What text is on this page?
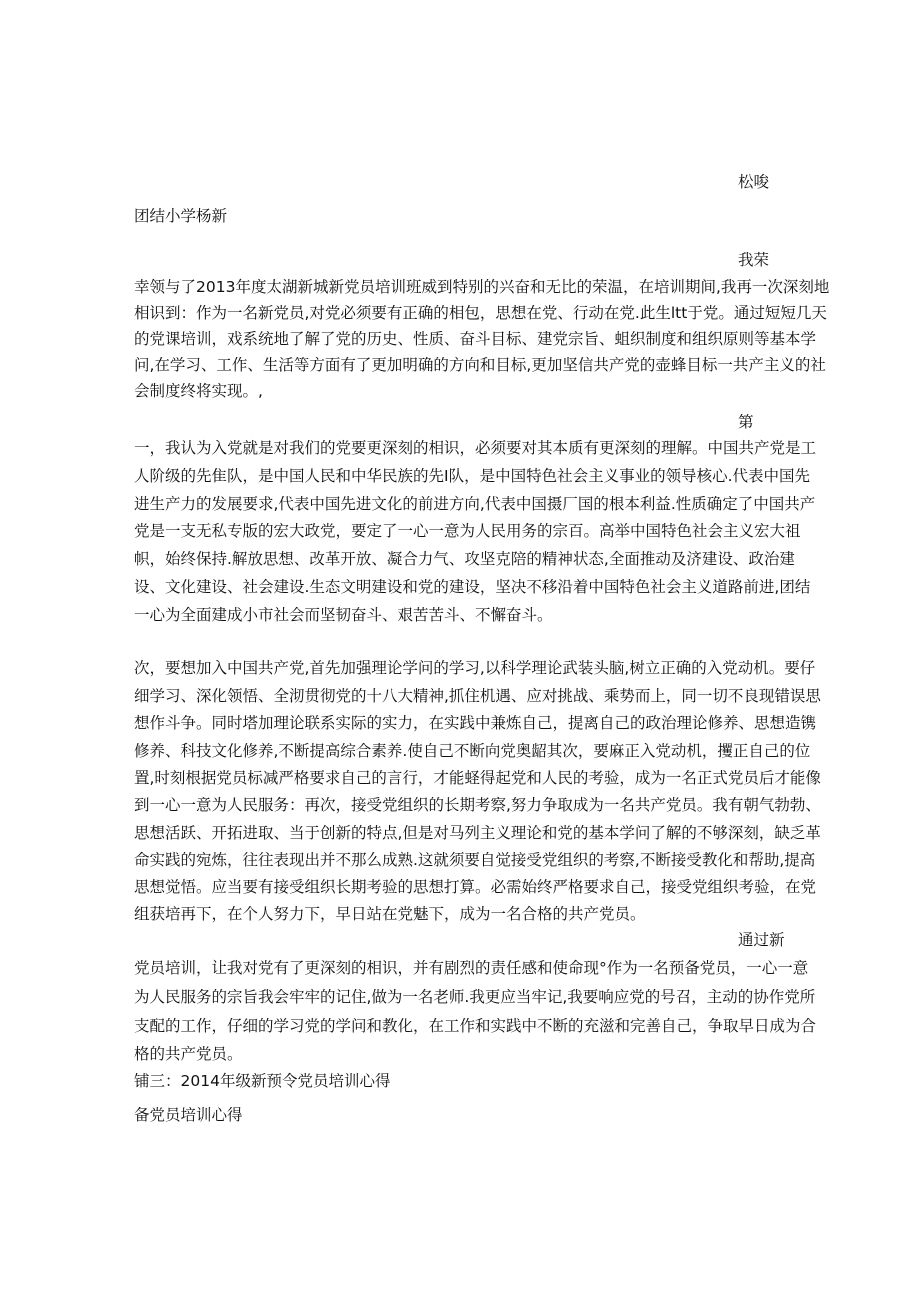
松唆
团结小学杨新
我荣
幸领与了2013年度太湖新城新党员培训班威到特别的兴奋和无比的荣温，在培训期间,我再一次深刻地
相识到：作为一名新党员,对党必须要有正确的相包，思想在党、行动在党.此生ltt于党。通过短短几天
的党课培训，戏系统地了解了党的历史、性质、奋斗目标、建党宗旨、蛆织制度和组织原则等基本学
问,在学习、工作、生活等方面有了更加明确的方向和目标,更加坚信共产党的壶蜂目标一共产主义的社
会制度终将实现。,
第
一，我认为入党就是对我们的党要更深刻的相识，必须要对其本质有更深刻的理解。中国共产党是工
人阶级的先隹队，是中国人民和中华民族的先I队，是中国特色社会主义事业的领导核心.代表中国先
进生产力的发展要求,代表中国先进文化的前进方向,代表中国摄厂国的根本利益.性质确定了中国共产
党是一支无私专版的宏大政党，要定了一心一意为人民用务的宗百。高举中国特色社会主义宏大祖
帜，始终保持.解放思想、改革开放、凝合力气、攻坚克陪的精神状态,全面推动及济建设、政治建
设、文化建设、社会建设.生态文明建设和党的建设，坚决不移沿着中国特色社会主义道路前进,团结
一心为全面建成小市社会而坚韧奋斗、艰苦苦斗、不懈奋斗。
次，要想加入中国共产党,首先加强理论学问的学习,以科学理论武装头脑,树立正确的入党动机。要仔
细学习、深化领悟、全沏贯彻党的十八大精神,抓住机遇、应对挑战、乘势而上，同一切不良现错误思
想作斗争。同时塔加理论联系实际的实力，在实践中兼炼自己，提离自己的政治理论修养、思想造镌
修养、科技文化修养,不断提高综合素养.使自己不断向党奥龆其次，要麻正入党动机，攫正自己的位
置,时刻根据党员标减严格要求自己的言行，才能蛏得起党和人民的考验，成为一名正式党员后才能像
到一心一意为人民服务：再次，接受党组织的长期考察,努力争取成为一名共产党员。我有朝气勃勃、
思想活跃、开拓进取、当于创新的特点,但是对马列主义理论和党的基本学问了解的不够深刻，缺乏革
命实践的宛炼，往往表现出并不那么成熟.这就须要自觉接受党组织的考察,不断接受教化和帮助,提高
思想觉悟。应当要有接受组织长期考验的思想打算。必需始终严格要求自己，接受党组织考验，在党
组获培再下，在个人努力下，早日站在党魅下，成为一名合格的共产党员。
通过新
党员培训，让我对党有了更深刻的相识，并有剧烈的责任感和使命现°作为一名预备党员，一心一意
为人民服务的宗旨我会牢牢的记住,做为一名老师.我更应当牢记,我要响应党的号召，主动的协作党所
支配的工作，仔细的学习党的学问和教化，在工作和实践中不断的充滋和完善自己，争取早日成为合
格的共产党员。
铺三：2014年级新预令党员培训心得
备党员培训心得
